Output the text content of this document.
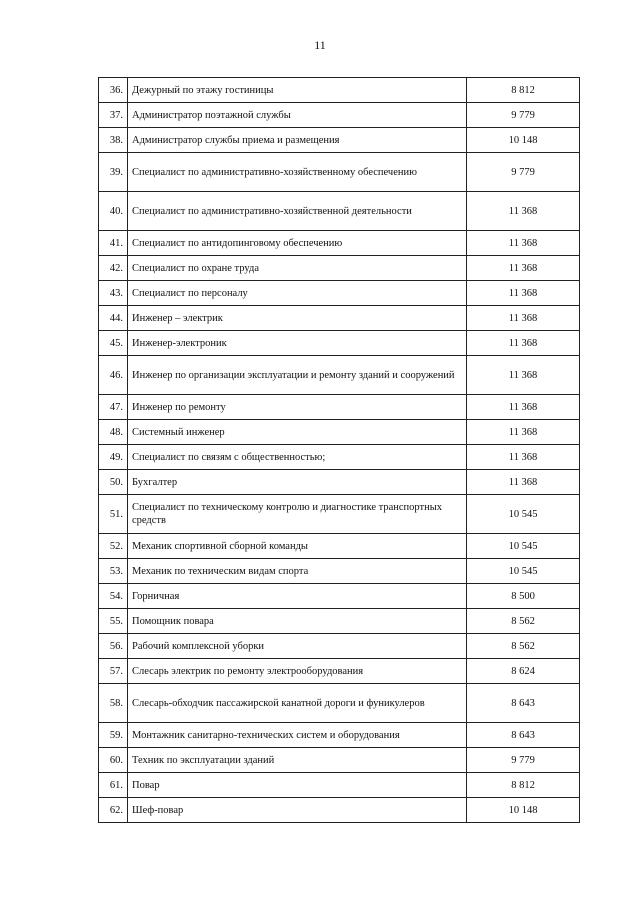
11
36.	Дежурный по этажу гостиницы	8 812
37.	Администратор поэтажной службы	9 779
38.	Администратор службы приема и размещения	10 148
39.	Специалист по административно-хозяйственному обеспечению	9 779
40.	Специалист по административно-хозяйственной деятельности	11 368
41.	Специалист по антидопинговому обеспечению	11 368
42.	Специалист по охране труда	11 368
43.	Специалист по персоналу	11 368
44.	Инженер – электрик	11 368
45.	Инженер-электроник	11 368
46.	Инженер по организации эксплуатации и ремонту зданий и сооружений	11 368
47.	Инженер по ремонту	11 368
48.	Системный инженер	11 368
49.	Специалист по связям с общественностью;	11 368
50.	Бухгалтер	11 368
51.	Специалист по техническому контролю и диагностике транспортных средств	10 545
52.	Механик спортивной сборной команды	10 545
53.	Механик по техническим видам спорта	10 545
54.	Горничная	8 500
55.	Помощник повара	8 562
56.	Рабочий комплексной уборки	8 562
57.	Слесарь электрик по ремонту электрооборудования	8 624
58.	Слесарь-обходчик пассажирской канатной дороги и фуникулеров	8 643
59.	Монтажник санитарно-технических систем и оборудования	8 643
60.	Техник по эксплуатации зданий	9 779
61.	Повар	8 812
62.	Шеф-повар	10 148
